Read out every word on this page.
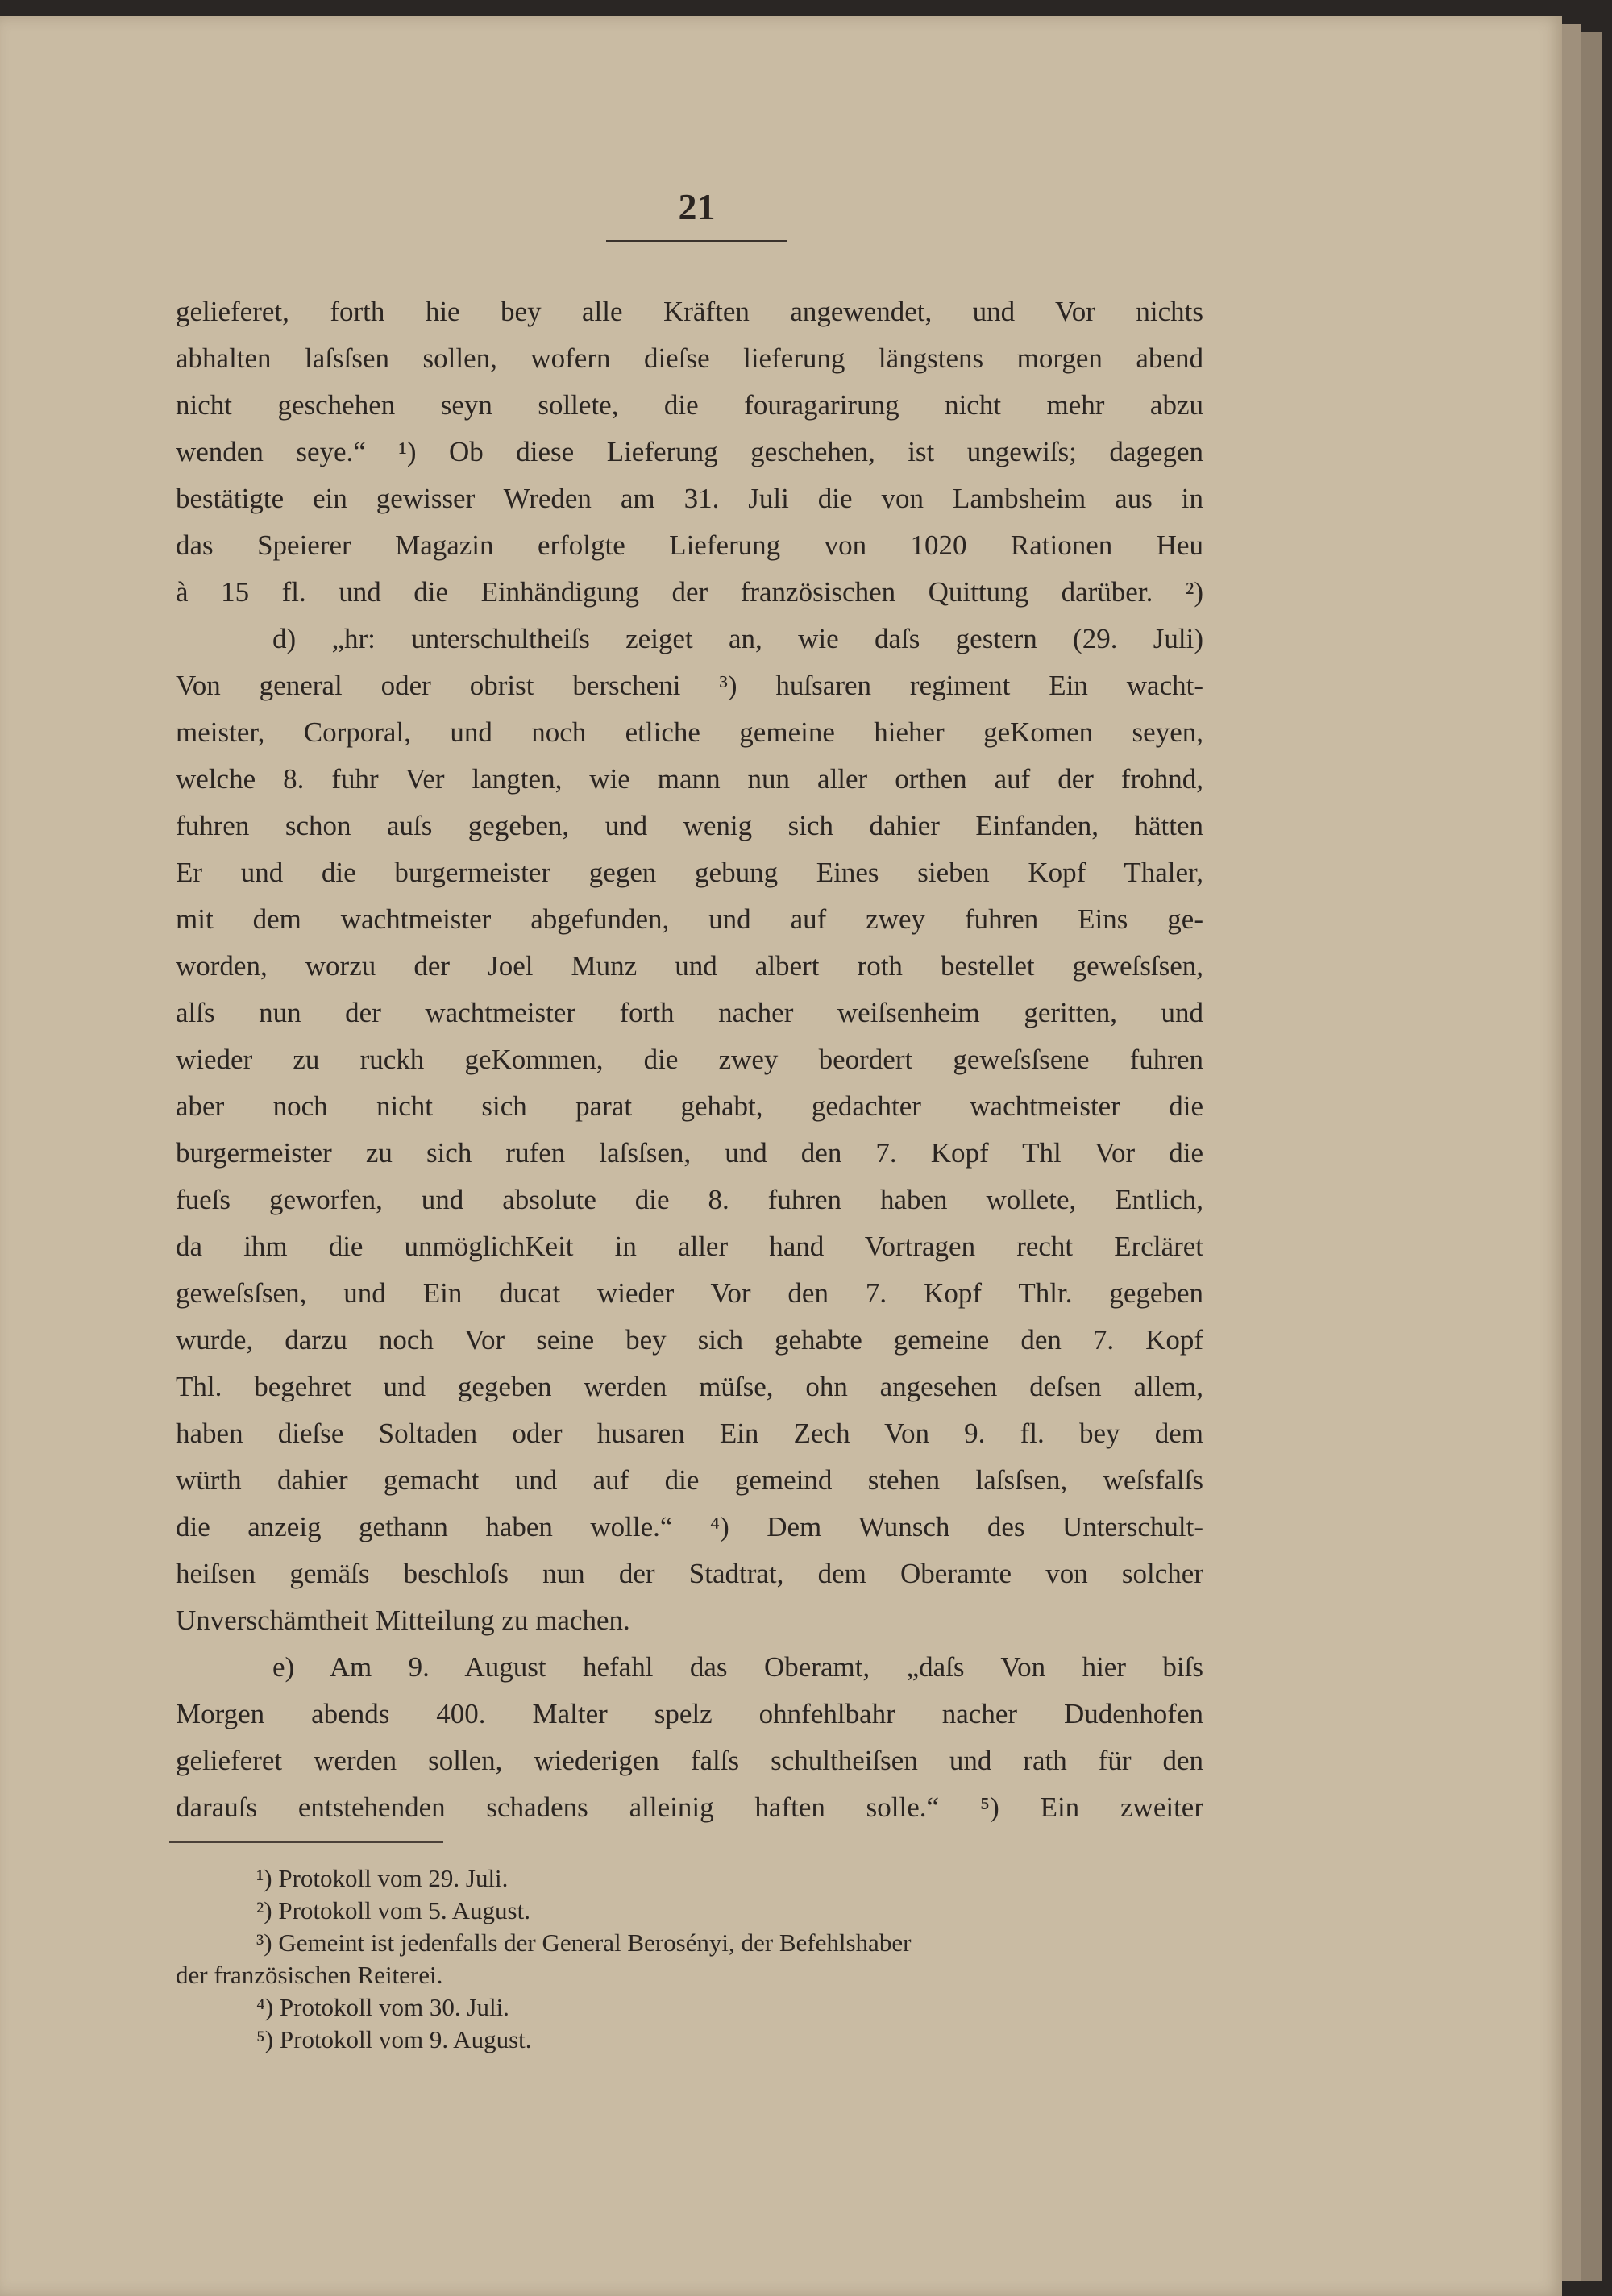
21
gelieferet, forth hie bey alle Kräften angewendet, und Vor nichts
abhalten laſsſsen sollen, wofern dieſse lieferung längstens morgen abend
nicht geschehen seyn sollete, die fouragarirung nicht mehr abzu
wenden seye.“ ¹) Ob diese Lieferung geschehen, ist ungewiſs; dagegen
bestätigte ein gewisser Wreden am 31. Juli die von Lambsheim aus in
das Speierer Magazin erfolgte Lieferung von 1020 Rationen Heu
à 15 fl. und die Einhändigung der französischen Quittung darüber. ²)
d) „hr: unterschultheiſs zeiget an, wie daſs gestern (29. Juli)
Von general oder obrist berscheni ³) huſsaren regiment Ein wacht-
meister, Corporal, und noch etliche gemeine hieher geKomen seyen,
welche 8. fuhr Ver langten, wie mann nun aller orthen auf der frohnd,
fuhren schon auſs gegeben, und wenig sich dahier Einfanden, hätten
Er und die burgermeister gegen gebung Eines sieben Kopf Thaler,
mit dem wachtmeister abgefunden, und auf zwey fuhren Eins ge-
worden, worzu der Joel Munz und albert roth bestellet geweſsſsen,
alſs nun der wachtmeister forth nacher weiſsenheim geritten, und
wieder zu ruckh geKommen, die zwey beordert geweſsſsene fuhren
aber noch nicht sich parat gehabt, gedachter wachtmeister die
burgermeister zu sich rufen laſsſsen, und den 7. Kopf Thl Vor die
fueſs geworfen, und absolute die 8. fuhren haben wollete, Entlich,
da ihm die unmöglichKeit in aller hand Vortragen recht Ercläret
geweſsſsen, und Ein ducat wieder Vor den 7. Kopf Thlr. gegeben
wurde, darzu noch Vor seine bey sich gehabte gemeine den 7. Kopf
Thl. begehret und gegeben werden müſse, ohn angesehen deſsen allem,
haben dieſse Soltaden oder husaren Ein Zech Von 9. fl. bey dem
würth dahier gemacht und auf die gemeind stehen laſsſsen, weſsfalſs
die anzeig gethann haben wolle.“ ⁴) Dem Wunsch des Unterschult-
heiſsen gemäſs beschloſs nun der Stadtrat, dem Oberamte von solcher
Unverschämtheit Mitteilung zu machen.
e) Am 9. August hefahl das Oberamt, „daſs Von hier biſs
Morgen abends 400. Malter spelz ohnfehlbahr nacher Dudenhofen
gelieferet werden sollen, wiederigen falſs schultheiſsen und rath für den
darauſs entstehenden schadens alleinig haften solle.“ ⁵) Ein zweiter
¹) Protokoll vom 29. Juli.
²) Protokoll vom 5. August.
³) Gemeint ist jedenfalls der General Berosényi, der Befehlshaber
der französischen Reiterei.
⁴) Protokoll vom 30. Juli.
⁵) Protokoll vom 9. August.
